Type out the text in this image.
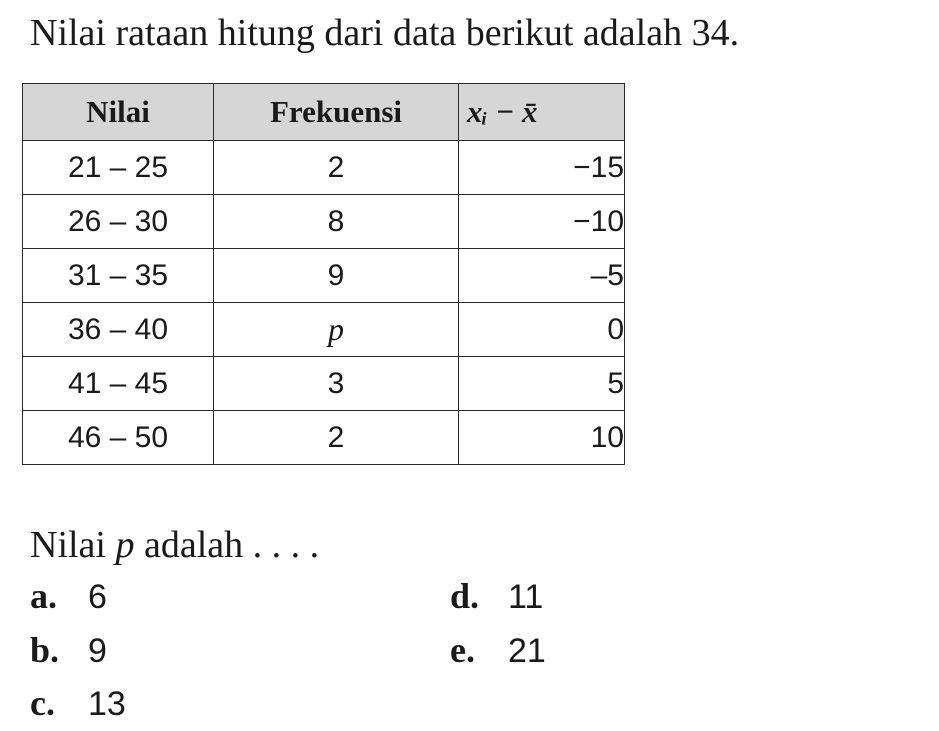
Nilai rataan hitung dari data berikut adalah 34.
Nilai	Frekuensi	xᵢ − x̄
21 – 25	2	−15
26 – 30	8	−10
31 – 35	9	–5
36 – 40	p	0
41 – 45	3	5
46 – 50	2	10
Nilai p adalah . . . .
a. 6
b. 9
c. 13
d. 11
e. 21
